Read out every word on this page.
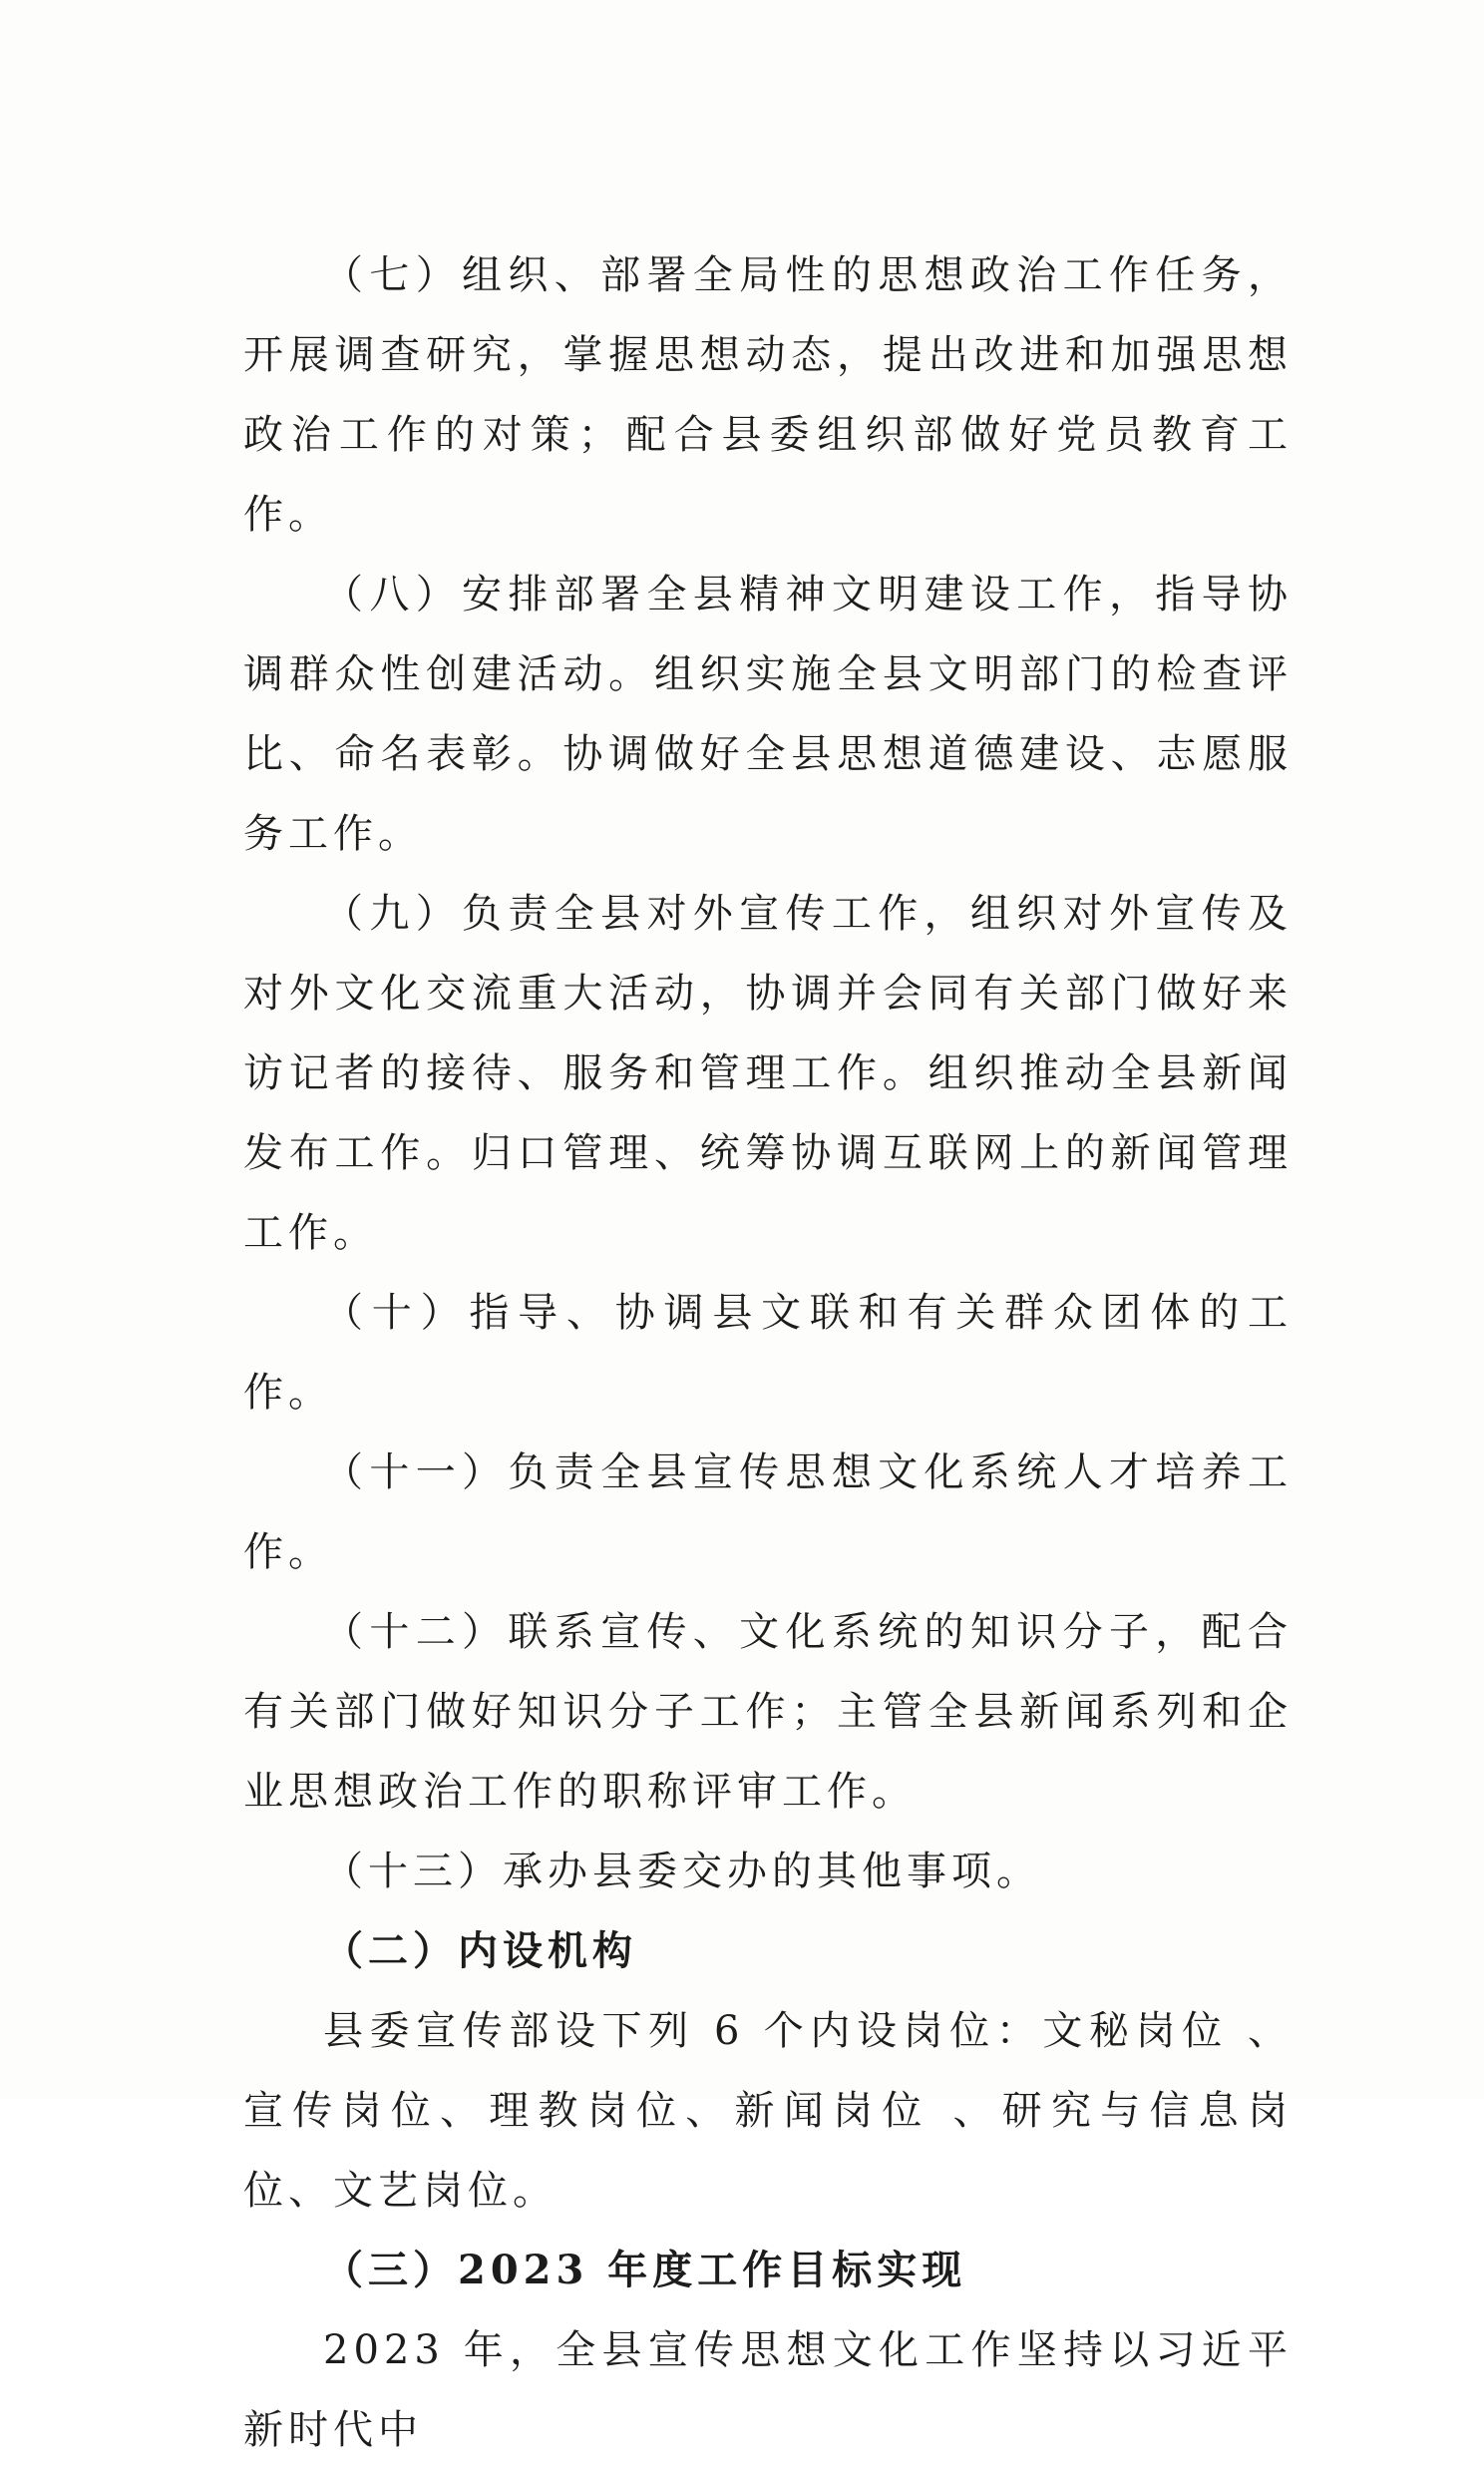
（七）组织、部署全局性的思想政治工作任务，开展调查研究，掌握思想动态，提出改进和加强思想政治工作的对策；配合县委组织部做好党员教育工作。

（八）安排部署全县精神文明建设工作，指导协调群众性创建活动。组织实施全县文明部门的检查评比、命名表彰。协调做好全县思想道德建设、志愿服务工作。

（九）负责全县对外宣传工作，组织对外宣传及对外文化交流重大活动，协调并会同有关部门做好来访记者的接待、服务和管理工作。组织推动全县新闻发布工作。归口管理、统筹协调互联网上的新闻管理工作。

（十）指导、协调县文联和有关群众团体的工作。

（十一）负责全县宣传思想文化系统人才培养工作。

（十二）联系宣传、文化系统的知识分子，配合有关部门做好知识分子工作；主管全县新闻系列和企业思想政治工作的职称评审工作。

（十三）承办县委交办的其他事项。

（二）内设机构

县委宣传部设下列 6 个内设岗位：文秘岗位 、宣传岗位、理教岗位、新闻岗位 、研究与信息岗位、文艺岗位。

（三）2023 年度工作目标实现

2023 年，全县宣传思想文化工作坚持以习近平新时代中
